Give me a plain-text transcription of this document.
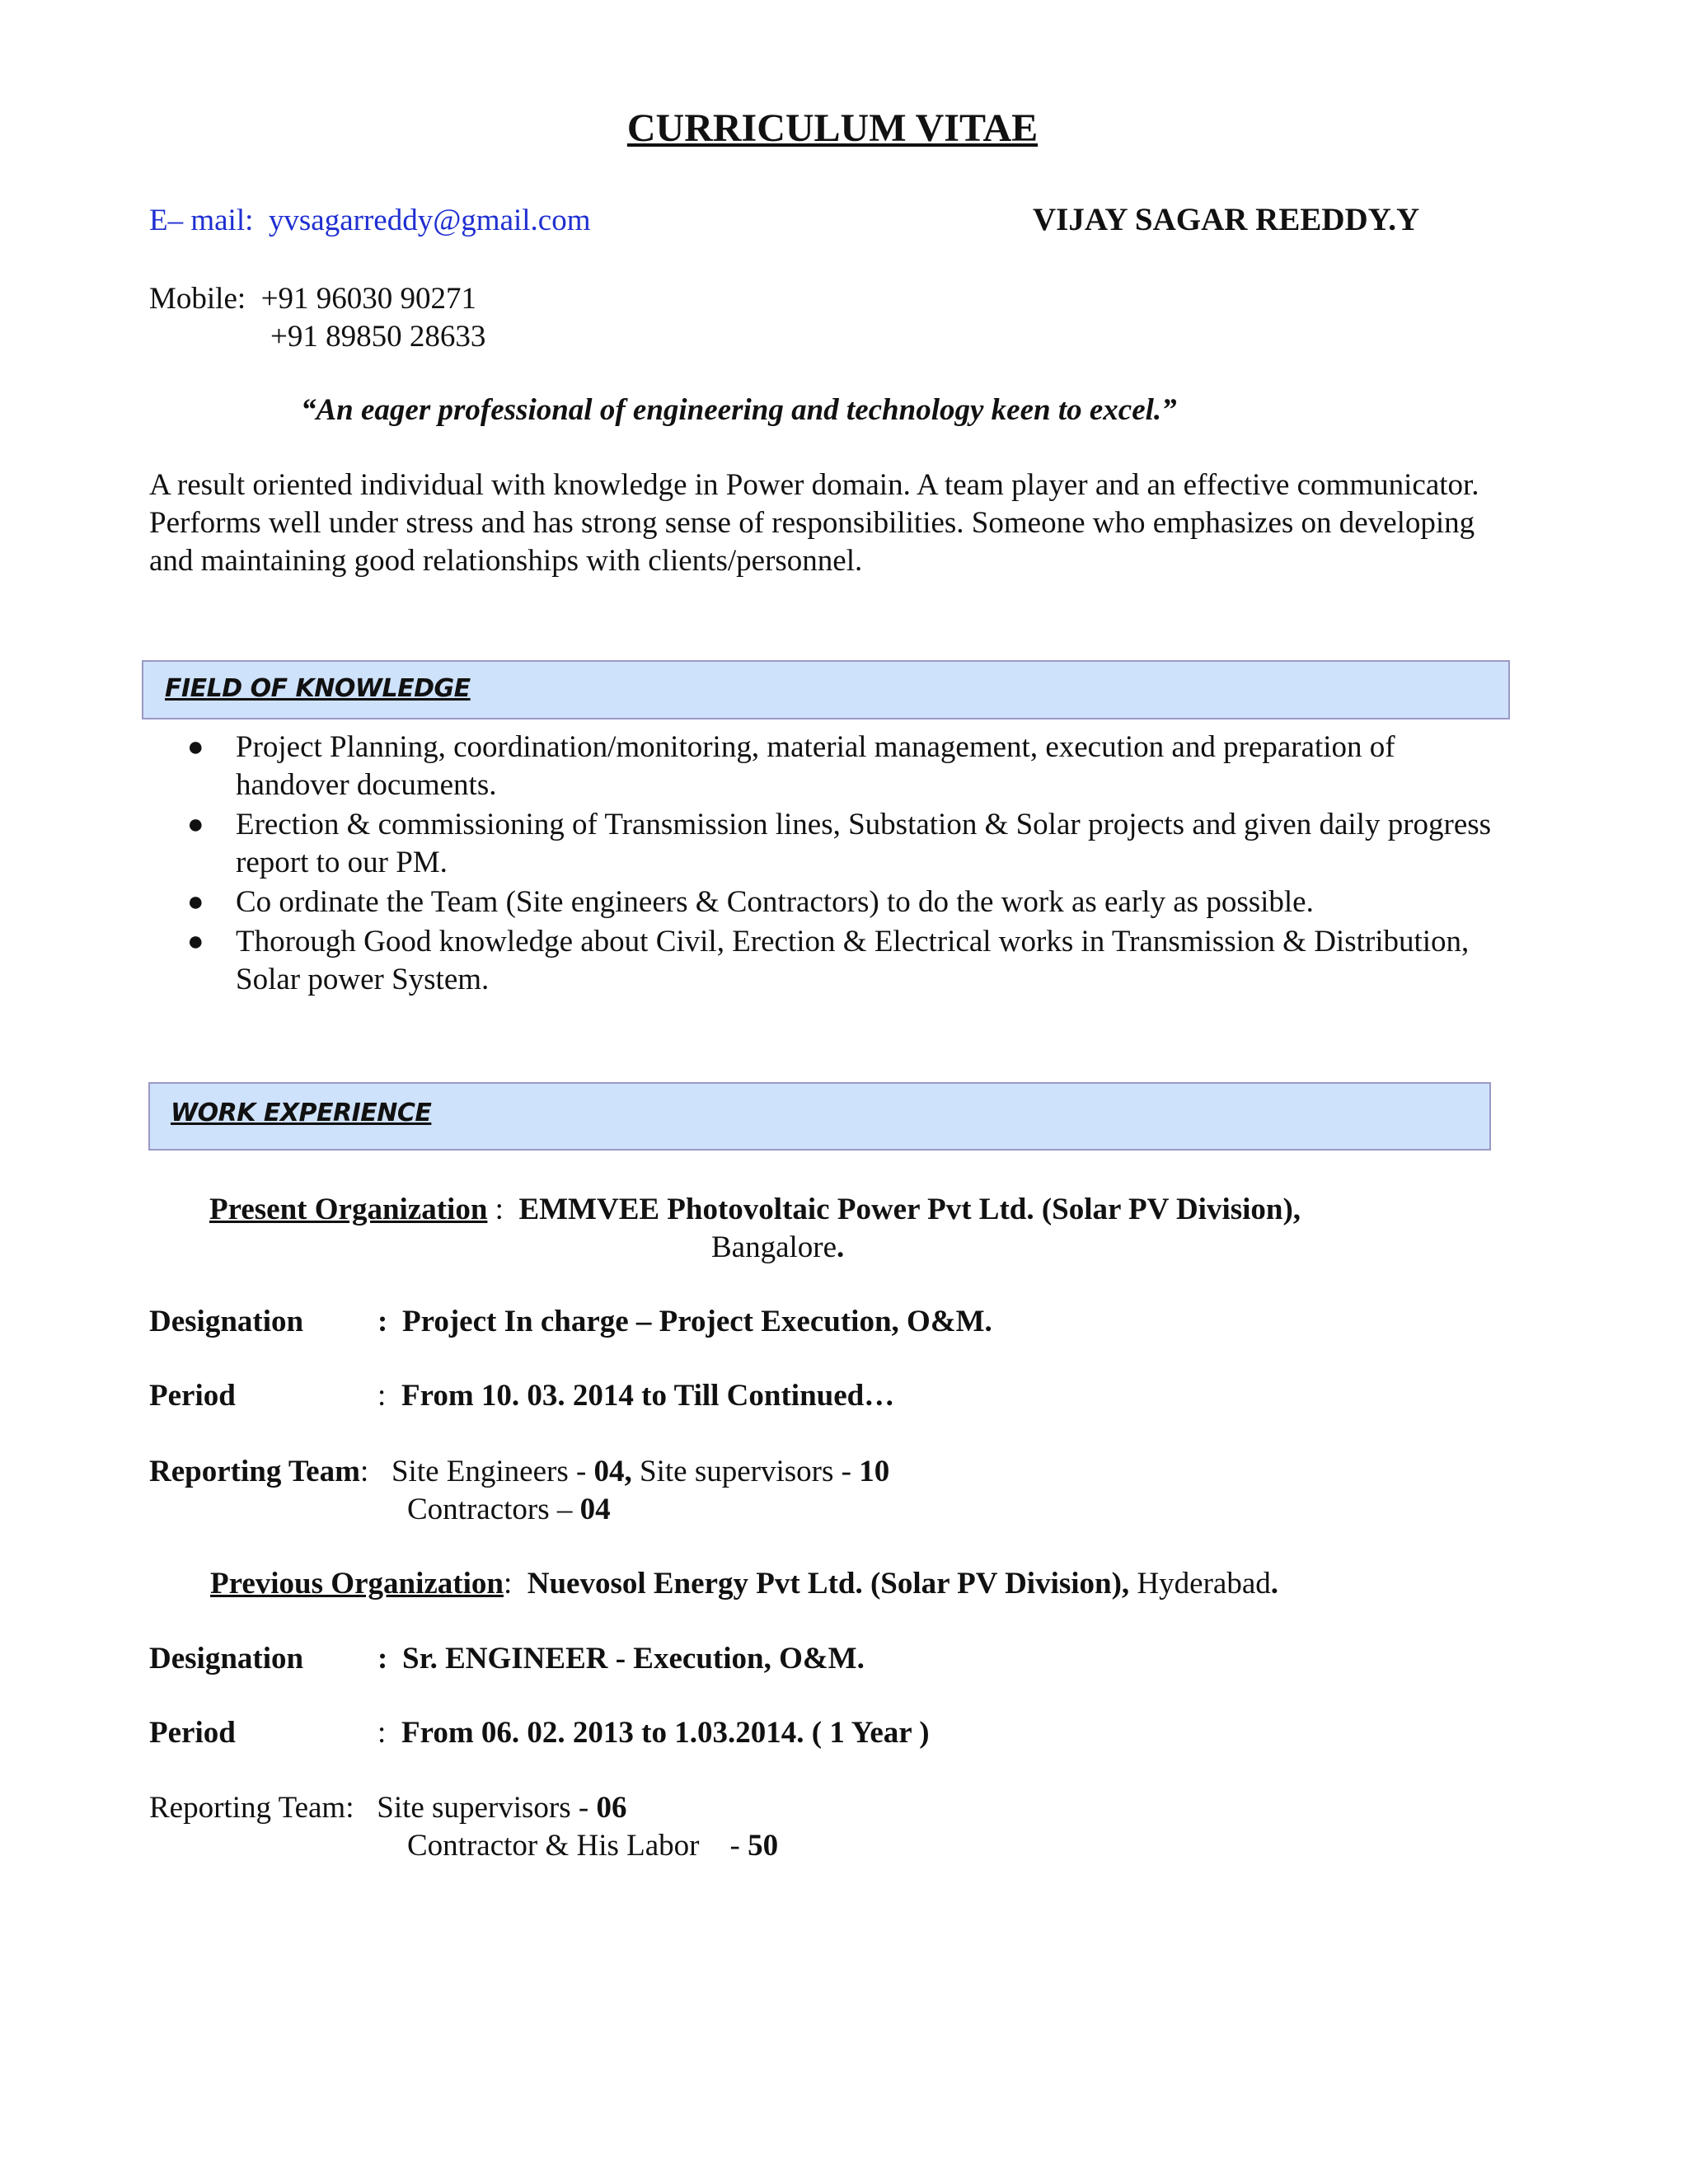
CURRICULUM VITAE
E– mail: yvsagarreddy@gmail.com	VIJAY SAGAR REEDDY.Y
Mobile: +91 96030 90271
+91 89850 28633
“An eager professional of engineering and technology keen to excel.”
A result oriented individual with knowledge in Power domain. A team player and an effective communicator. Performs well under stress and has strong sense of responsibilities. Someone who emphasizes on developing and maintaining good relationships with clients/personnel.
FIELD OF KNOWLEDGE
● Project Planning, coordination/monitoring, material management, execution and preparation of handover documents.
● Erection & commissioning of Transmission lines, Substation & Solar projects and given daily progress report to our PM.
● Co ordinate the Team (Site engineers & Contractors) to do the work as early as possible.
● Thorough Good knowledge about Civil, Erection & Electrical works in Transmission & Distribution, Solar power System.
WORK EXPERIENCE
Present Organization : EMMVEE Photovoltaic Power Pvt Ltd. (Solar PV Division),
Bangalore.
Designation : Project In charge – Project Execution, O&M.
Period	: From 10. 03. 2014 to Till Continued…
Reporting Team: Site Engineers - 04, Site supervisors - 10
Contractors – 04
Previous Organization: Nuevosol Energy Pvt Ltd. (Solar PV Division), Hyderabad.
Designation : Sr. ENGINEER - Execution, O&M.
Period	: From 06. 02. 2013 to 1.03.2014. ( 1 Year )
Reporting Team: Site supervisors - 06
Contractor & His Labor - 50
